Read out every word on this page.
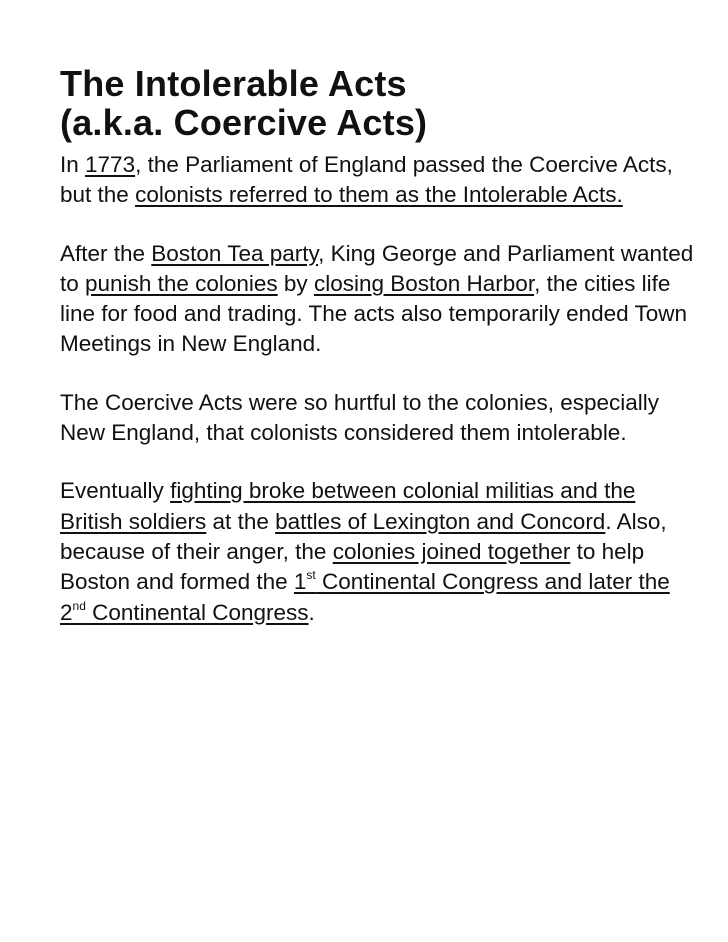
The Intolerable Acts
(a.k.a. Coercive Acts)

In 1773, the Parliament of England passed the Coercive Acts, but the colonists referred to them as the Intolerable Acts.

After the Boston Tea party, King George and Parliament wanted to punish the colonies by closing Boston Harbor, the cities life line for food and trading. The acts also temporarily ended Town Meetings in New England.

The Coercive Acts were so hurtful to the colonies, especially New England, that colonists considered them intolerable.

Eventually fighting broke between colonial militias and the British soldiers at the battles of Lexington and Concord. Also, because of their anger, the colonies joined together to help Boston and formed the 1st Continental Congress and later the 2nd Continental Congress.
